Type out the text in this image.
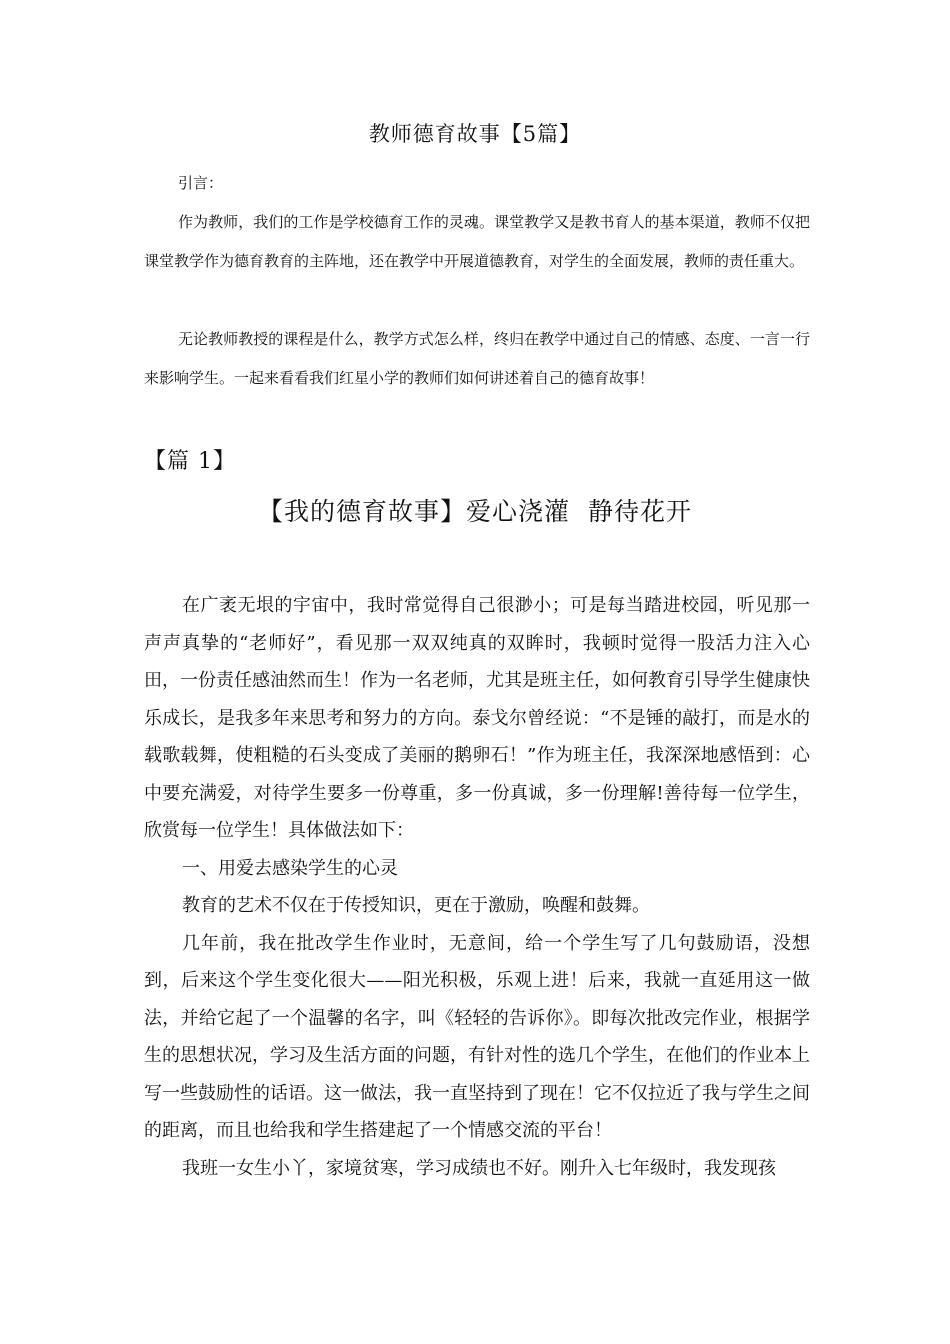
教师德育故事【5篇】
引言：

作为教师，我们的工作是学校德育工作的灵魂。课堂教学又是教书育人的基本渠道，教师不仅把课堂教学作为德育教育的主阵地，还在教学中开展道德教育，对学生的全面发展，教师的责任重大。

无论教师教授的课程是什么，教学方式怎么样，终归在教学中通过自己的情感、态度、一言一行来影响学生。一起来看看我们红星小学的教师们如何讲述着自己的德育故事！

【篇 1】
【我的德育故事】爱心浇灌  静待花开

在广袤无垠的宇宙中，我时常觉得自己很渺小；可是每当踏进校园，听见那一声声真挚的“老师好”，看见那一双双纯真的双眸时，我顿时觉得一股活力注入心田，一份责任感油然而生！作为一名老师，尤其是班主任，如何教育引导学生健康快乐成长，是我多年来思考和努力的方向。泰戈尔曾经说：“不是锤的敲打，而是水的载歌载舞，使粗糙的石头变成了美丽的鹅卵石！”作为班主任，我深深地感悟到：心中要充满爱，对待学生要多一份尊重，多一份真诚，多一份理解!善待每一位学生，欣赏每一位学生！具体做法如下：

一、用爱去感染学生的心灵

教育的艺术不仅在于传授知识，更在于激励，唤醒和鼓舞。

几年前，我在批改学生作业时，无意间，给一个学生写了几句鼓励语，没想到，后来这个学生变化很大——阳光积极，乐观上进！后来，我就一直延用这一做法，并给它起了一个温馨的名字，叫《轻轻的告诉你》。即每次批改完作业，根据学生的思想状况，学习及生活方面的问题，有针对性的选几个学生，在他们的作业本上写一些鼓励性的话语。这一做法，我一直坚持到了现在！它不仅拉近了我与学生之间的距离，而且也给我和学生搭建起了一个情感交流的平台！

我班一女生小丫，家境贫寒，学习成绩也不好。刚升入七年级时，我发现孩
